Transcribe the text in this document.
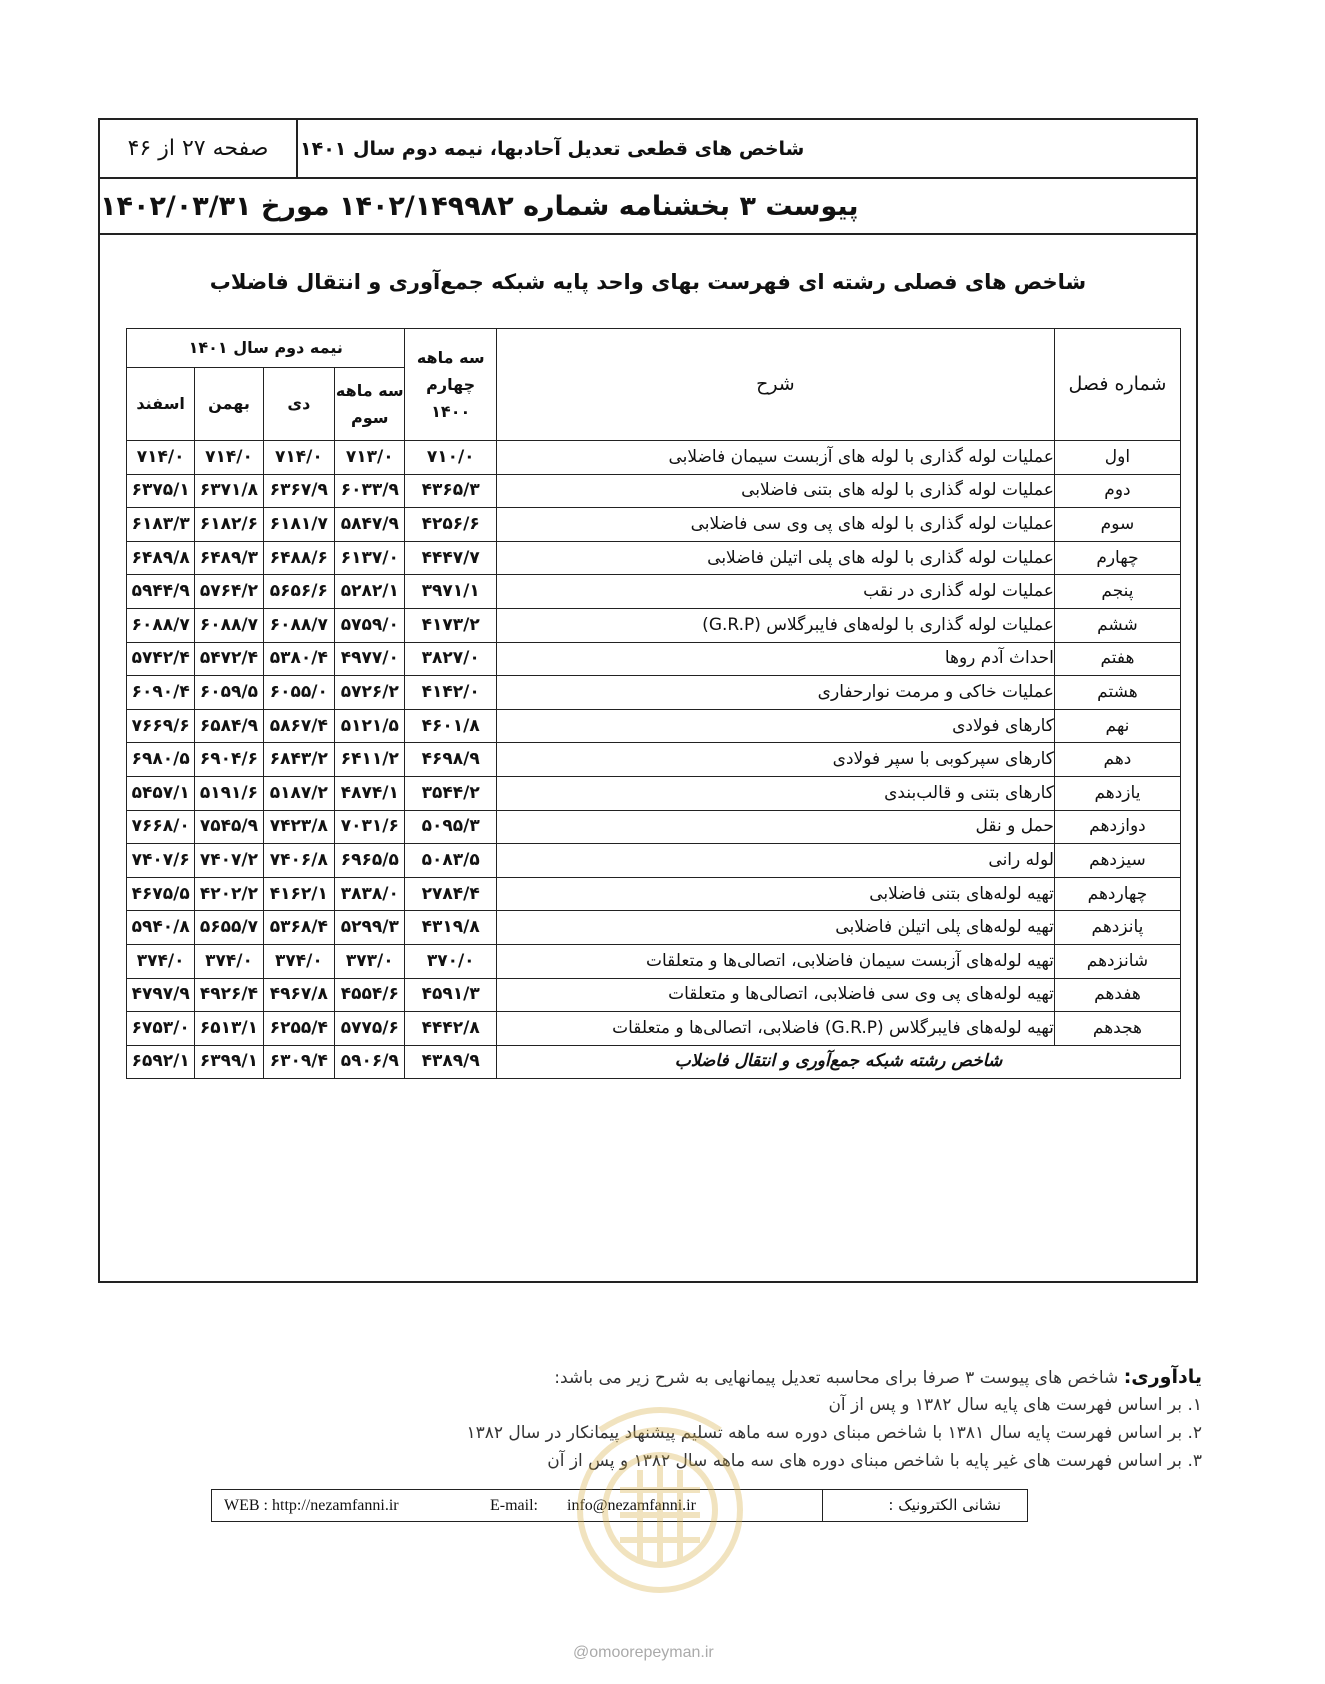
صفحه ۲۷ از ۴۶	شاخص های قطعی تعدیل آحادبها، نیمه دوم سال ۱۴۰۱
پیوست ۳ بخشنامه شماره ۱۴۰۲/۱۴۹۹۸۲ مورخ ۱۴۰۲/۰۳/۳۱
شاخص های فصلی رشته ای فهرست بهای واحد پایه شبکه جمع‌آوری و انتقال فاضلاب
شماره فصل	شرح	سه ماهه چهارم ۱۴۰۰	نیمه دوم سال ۱۴۰۱			
			سه ماهه سوم	دی	بهمن	اسفند
اول	عملیات لوله گذاری با لوله های آزبست سیمان فاضلابی	۷۱۰/۰	۷۱۳/۰	۷۱۴/۰	۷۱۴/۰	۷۱۴/۰
دوم	عملیات لوله گذاری با لوله های بتنی فاضلابی	۴۳۶۵/۳	۶۰۳۳/۹	۶۳۶۷/۹	۶۳۷۱/۸	۶۳۷۵/۱
سوم	عملیات لوله گذاری با لوله های پی وی سی فاضلابی	۴۲۵۶/۶	۵۸۴۷/۹	۶۱۸۱/۷	۶۱۸۲/۶	۶۱۸۳/۳
چهارم	عملیات لوله گذاری با لوله های پلی اتیلن فاضلابی	۴۴۴۷/۷	۶۱۳۷/۰	۶۴۸۸/۶	۶۴۸۹/۳	۶۴۸۹/۸
پنجم	عملیات لوله گذاری در نقب	۳۹۷۱/۱	۵۲۸۲/۱	۵۶۵۶/۶	۵۷۶۴/۲	۵۹۴۴/۹
ششم	عملیات لوله گذاری با لوله‌های فایبرگلاس (G.R.P)	۴۱۷۳/۲	۵۷۵۹/۰	۶۰۸۸/۷	۶۰۸۸/۷	۶۰۸۸/۷
هفتم	احداث آدم روها	۳۸۲۷/۰	۴۹۷۷/۰	۵۳۸۰/۴	۵۴۷۲/۴	۵۷۴۲/۴
هشتم	عملیات خاکی و مرمت نوارحفاری	۴۱۴۲/۰	۵۷۲۶/۲	۶۰۵۵/۰	۶۰۵۹/۵	۶۰۹۰/۴
نهم	کارهای فولادی	۴۶۰۱/۸	۵۱۲۱/۵	۵۸۶۷/۴	۶۵۸۴/۹	۷۶۶۹/۶
دهم	کارهای سپرکوبی با سپر فولادی	۴۶۹۸/۹	۶۴۱۱/۲	۶۸۴۳/۲	۶۹۰۴/۶	۶۹۸۰/۵
یازدهم	کارهای بتنی و قالب‌بندی	۳۵۴۴/۲	۴۸۷۴/۱	۵۱۸۷/۲	۵۱۹۱/۶	۵۴۵۷/۱
دوازدهم	حمل و نقل	۵۰۹۵/۳	۷۰۳۱/۶	۷۴۲۳/۸	۷۵۴۵/۹	۷۶۶۸/۰
سیزدهم	لوله رانی	۵۰۸۳/۵	۶۹۶۵/۵	۷۴۰۶/۸	۷۴۰۷/۲	۷۴۰۷/۶
چهاردهم	تهیه لوله‌های بتنی فاضلابی	۲۷۸۴/۴	۳۸۳۸/۰	۴۱۶۲/۱	۴۲۰۲/۲	۴۶۷۵/۵
پانزدهم	تهیه لوله‌های پلی اتیلن فاضلابی	۴۳۱۹/۸	۵۲۹۹/۳	۵۳۶۸/۴	۵۶۵۵/۷	۵۹۴۰/۸
شانزدهم	تهیه لوله‌های آزبست سیمان فاضلابی، اتصالی‌ها و متعلقات	۳۷۰/۰	۳۷۳/۰	۳۷۴/۰	۳۷۴/۰	۳۷۴/۰
هفدهم	تهیه لوله‌های پی وی سی فاضلابی، اتصالی‌ها و متعلقات	۴۵۹۱/۳	۴۵۵۴/۶	۴۹۶۷/۸	۴۹۲۶/۴	۴۷۹۷/۹
هجدهم	تهیه لوله‌های فایبرگلاس (G.R.P) فاضلابی، اتصالی‌ها و متعلقات	۴۴۴۲/۸	۵۷۷۵/۶	۶۲۵۵/۴	۶۵۱۳/۱	۶۷۵۳/۰
شاخص رشته شبکه جمع‌آوری و انتقال فاضلاب		۴۳۸۹/۹	۵۹۰۶/۹	۶۳۰۹/۴	۶۳۹۹/۱	۶۵۹۲/۱
یادآوری: شاخص های پیوست ۳ صرفا برای محاسبه تعدیل پیمانهایی به شرح زیر می باشد:
۱. بر اساس فهرست های پایه سال ۱۳۸۲ و پس از آن
۲. بر اساس فهرست پایه سال ۱۳۸۱ با شاخص مبنای دوره سه ماهه تسلیم پیشنهاد پیمانکار در سال ۱۳۸۲
۳. بر اساس فهرست های غیر پایه با شاخص مبنای دوره های سه ماهه سال ۱۳۸۲ و پس از آن
WEB : http://nezamfanni.ir	E-mail: info@nezamfanni.ir	نشانی الکترونیک :
@omoorepeyman.ir
